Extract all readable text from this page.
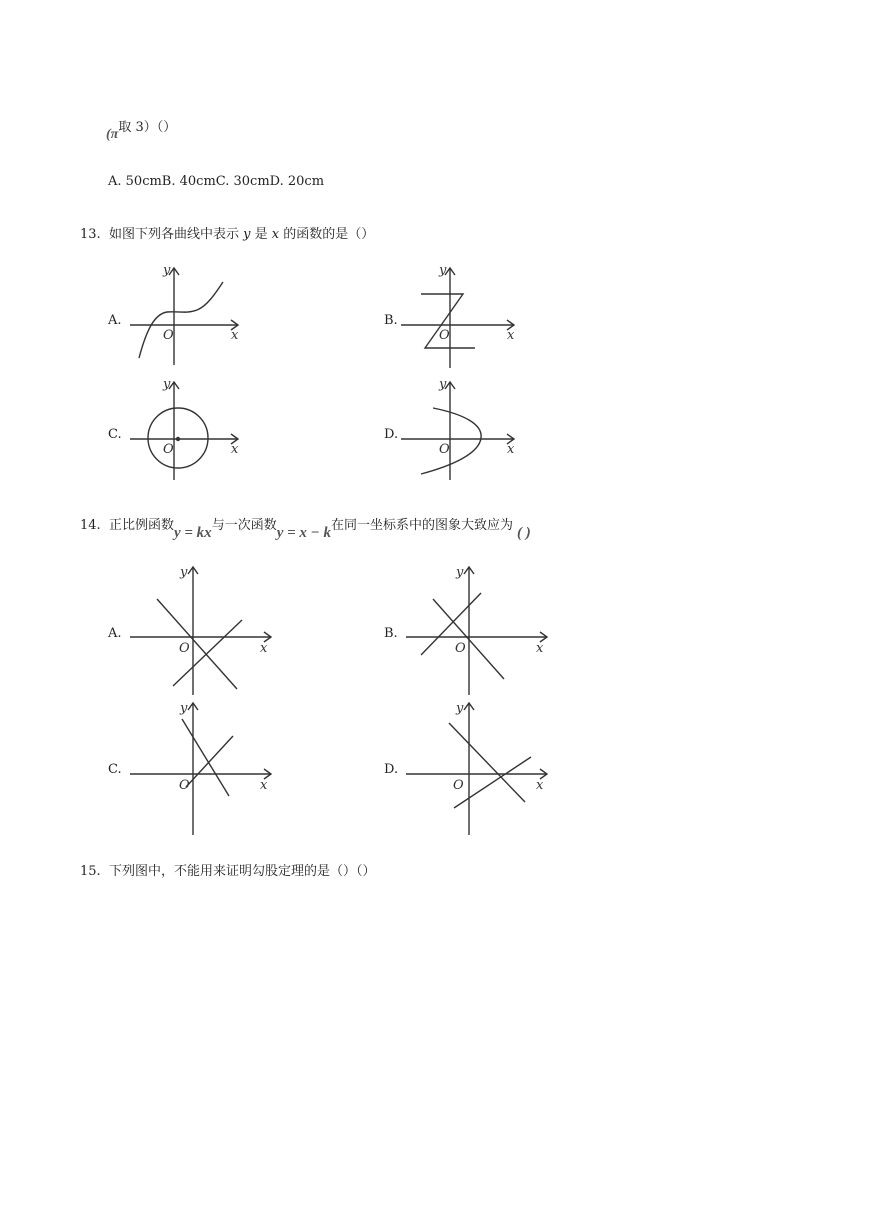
(π取 3）（）
A. 50cmB. 40cmC. 30cmD. 20cm
13. 如图下列各曲线中表示 y 是 x 的函数的是（）
A.	B.
C.	D.
y
x
O
y
x
O
y
x
O
y
x
O
14. 正比例函数y = kx与一次函数y = x − k在同一坐标系中的图象大致应为 ( )
A.	B.
C.	D.
y
x
O
y
x
O
y
x
O
y
x
O
15. 下列图中，不能用来证明勾股定理的是（）（）
